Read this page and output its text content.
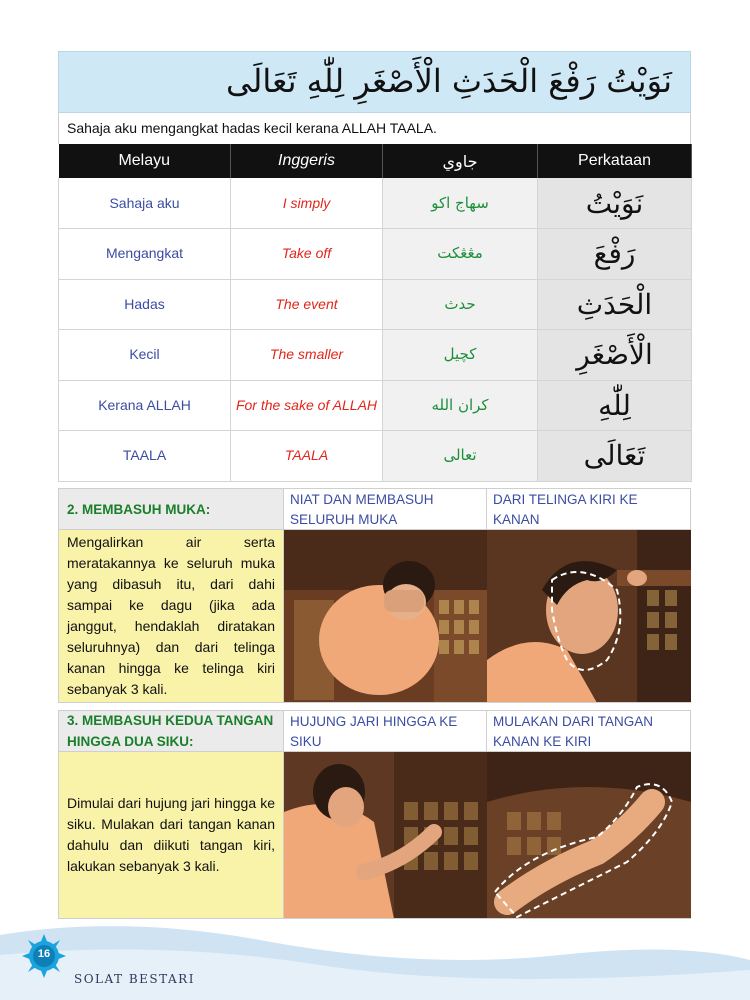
نَوَيْتُ رَفْعَ الْحَدَثِ الْأَصْغَرِ لِلّٰهِ تَعَالَى
Sahaja aku mengangkat hadas kecil kerana ALLAH TAALA.
Melayu	Inggeris	جاوي	Perkataan
Sahaja aku	I simply	سهاج اكو	نَوَيْتُ
Mengangkat	Take off	مڠڠكت	رَفْعَ
Hadas	The event	حدث	الْحَدَثِ
Kecil	The smaller	كچيل	الْأَصْغَرِ
Kerana ALLAH	For the sake of ALLAH	كران الله	لِلّٰهِ
TAALA	TAALA	تعالى	تَعَالَى
2. MEMBASUH MUKA:
NIAT DAN MEMBASUH SELURUH MUKA
DARI TELINGA KIRI KE KANAN
Mengalirkan air serta meratakannya ke seluruh muka yang dibasuh itu, dari dahi sampai ke dagu (jika ada janggut, hendaklah diratakan seluruhnya) dan dari telinga kanan hingga ke telinga kiri sebanyak 3 kali.
3. MEMBASUH KEDUA TANGAN HINGGA DUA SIKU:
HUJUNG JARI HINGGA KE SIKU
MULAKAN DARI TANGAN KANAN KE KIRI
Dimulai dari hujung jari hingga ke siku. Mulakan dari tangan kanan dahulu dan diikuti tangan kiri, lakukan sebanyak 3 kali.
16
SOLAT BESTARI
